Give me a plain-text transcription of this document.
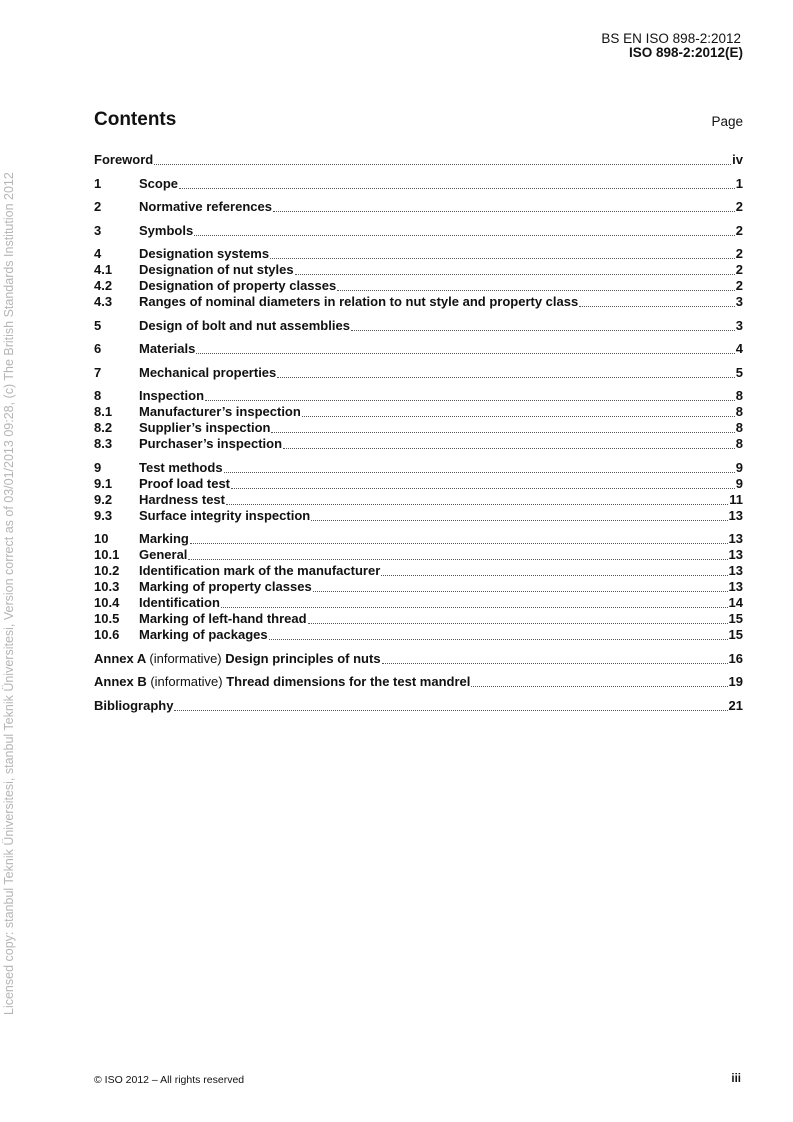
BS EN ISO 898-2:2012
ISO 898-2:2012(E)
Licensed copy: stanbul Teknik Üniversitesi, stanbul Teknik Üniversitesi, Version correct as of 03/01/2013 09:28, (c) The British Standards Institution 2012
Contents	Page
Foreword	iv
1	Scope	1
2	Normative references	2
3	Symbols	2
4	Designation systems	2
4.1	Designation of nut styles	2
4.2	Designation of property classes	2
4.3	Ranges of nominal diameters in relation to nut style and property class	3
5	Design of bolt and nut assemblies	3
6	Materials	4
7	Mechanical properties	5
8	Inspection	8
8.1	Manufacturer’s inspection	8
8.2	Supplier’s inspection	8
8.3	Purchaser’s inspection	8
9	Test methods	9
9.1	Proof load test	9
9.2	Hardness test	11
9.3	Surface integrity inspection	13
10	Marking	13
10.1	General	13
10.2	Identification mark of the manufacturer	13
10.3	Marking of property classes	13
10.4	Identification	14
10.5	Marking of left-hand thread	15
10.6	Marking of packages	15
Annex A (informative) Design principles of nuts	16
Annex B (informative) Thread dimensions for the test mandrel	19
Bibliography	21
© ISO 2012 – All rights reserved	iii
